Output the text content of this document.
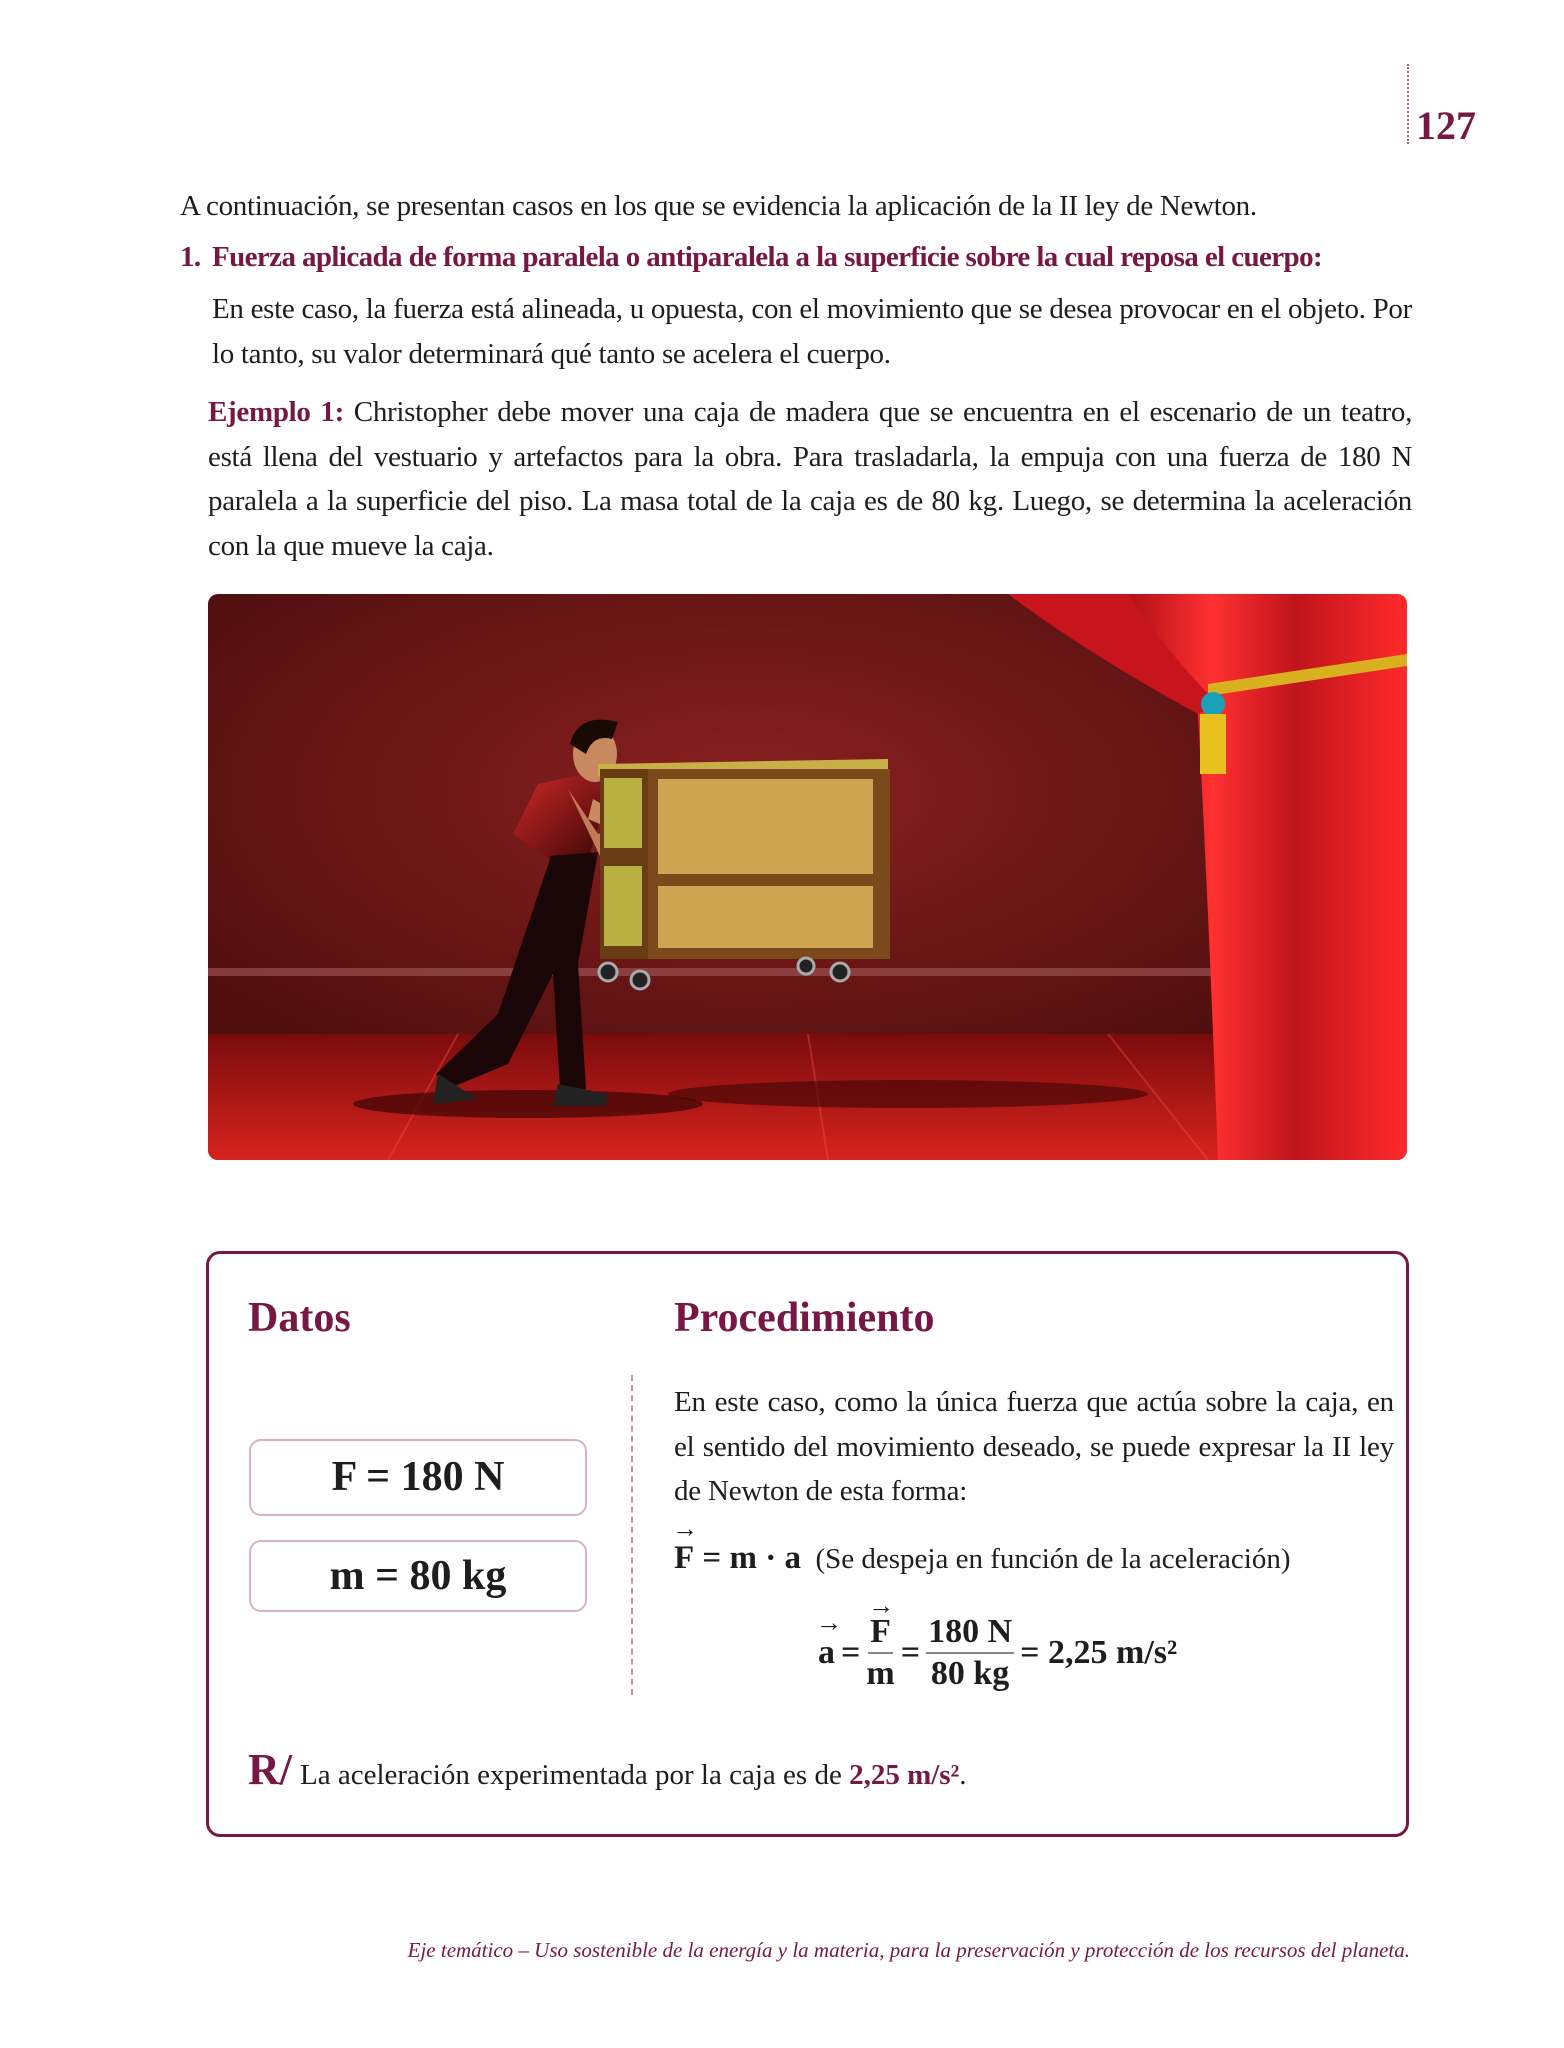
127
A continuación, se presentan casos en los que se evidencia la aplicación de la II ley de Newton.
1. Fuerza aplicada de forma paralela o antiparalela a la superficie sobre la cual reposa el cuerpo:
En este caso, la fuerza está alineada, u opuesta, con el movimiento que se desea provocar en el objeto. Por lo tanto, su valor determinará qué tanto se acelera el cuerpo.
Ejemplo 1: Christopher debe mover una caja de madera que se encuentra en el escenario de un teatro, está llena del vestuario y artefactos para la obra. Para trasladarla, la empuja con una fuerza de 180 N paralela a la superficie del piso. La masa total de la caja es de 80 kg. Luego, se determina la aceleración con la que mueve la caja.
Datos	Procedimiento
F = 180 N
m = 80 kg
En este caso, como la única fuerza que actúa sobre la caja, en el sentido del movimiento deseado, se puede expresar la II ley de Newton de esta forma:
→ F = m · a (Se despeja en función de la aceleración)
→ a = → $\frac{F}{m} = \frac{180 N}{80 kg} = 2,25$ m/s²
R/ La aceleración experimentada por la caja es de 2,25 m/s².
Eje temático – Uso sostenible de la energía y la materia, para la preservación y protección de los recursos del planeta.
